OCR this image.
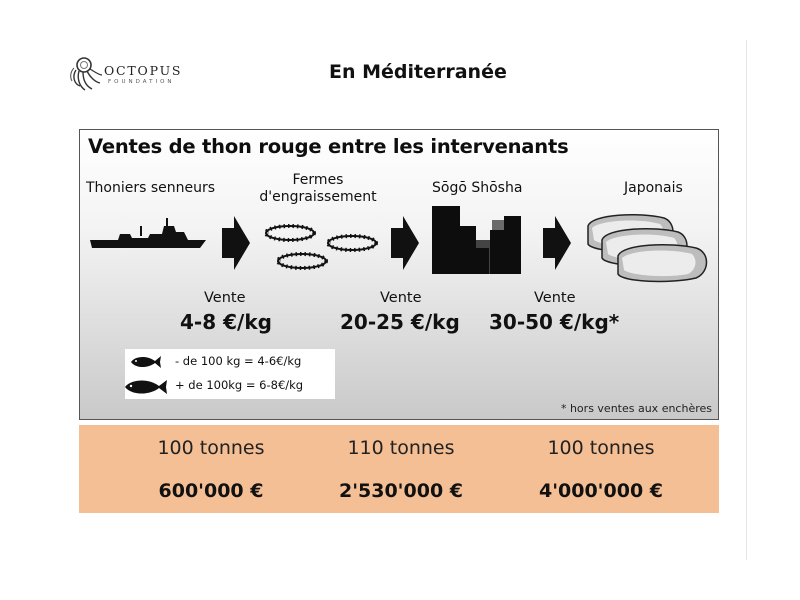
OCTOPUS
FOUNDATION	En Méditerranée
Ventes de thon rouge entre les intervenants
Thoniers senneurs	Fermes
d'engraissement
Sōgō Shōsha	Japonais
Vente
4-8 €/kg
Vente
20-25 €/kg
Vente
30-50 €/kg*
- de 100 kg = 4-6€/kg
+ de 100kg = 6-8€/kg
* hors ventes aux enchères
100 tonnes	110 tonnes	100 tonnes
600'000 €	2'530'000 €	4'000'000 €
